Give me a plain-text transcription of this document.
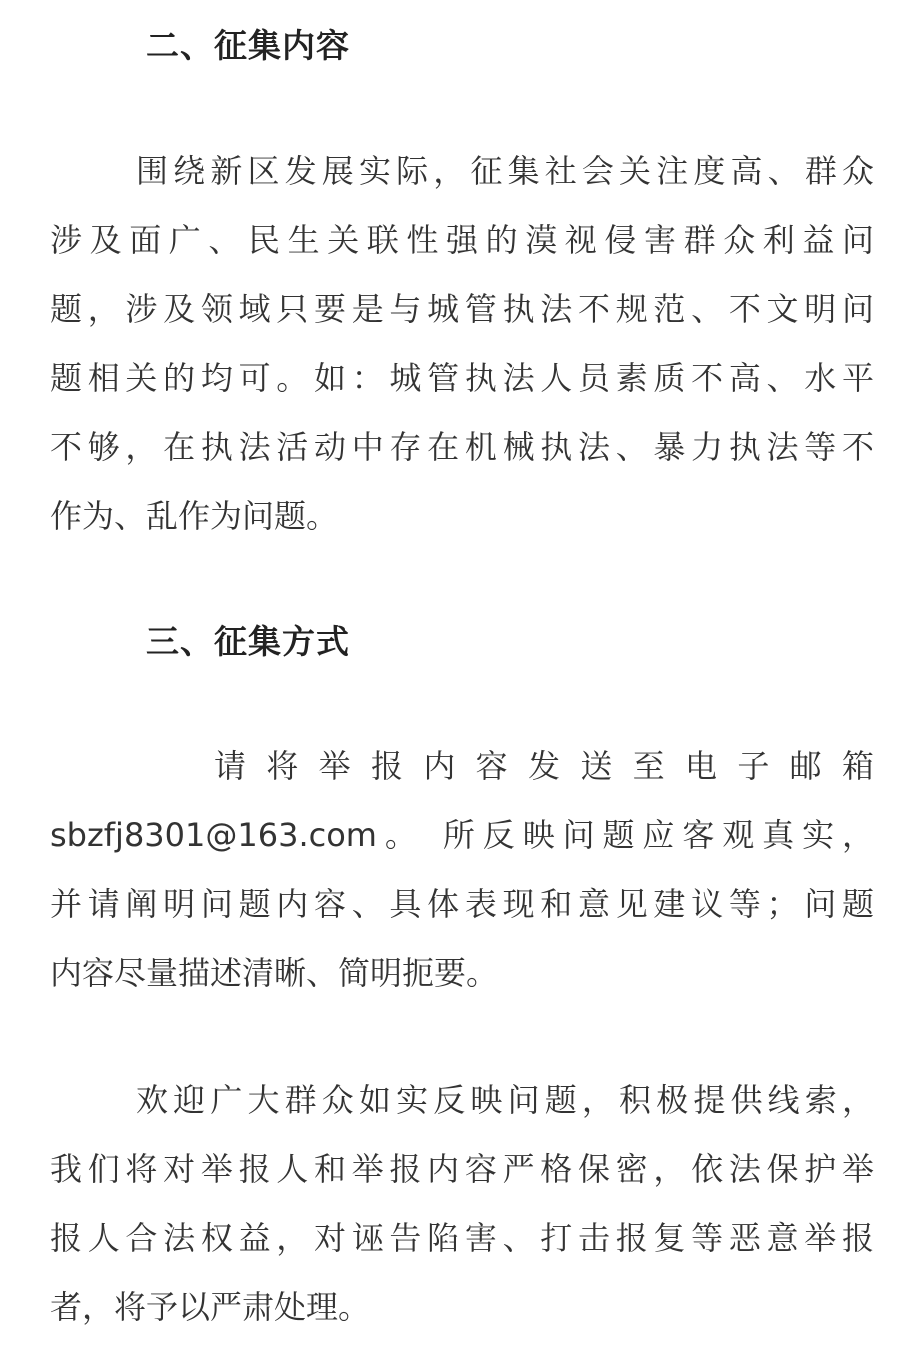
二、征集内容
围绕新区发展实际，征集社会关注度高、群众
涉及面广、民生关联性强的漠视侵害群众利益问
题，涉及领域只要是与城管执法不规范、不文明问
题相关的均可。如：城管执法人员素质不高、水平
不够，在执法活动中存在机械执法、暴力执法等不
作为、乱作为问题。
三、征集方式
请将举报内容发送至电子邮箱
sbzfj8301@163.com。 所反映问题应客观真实，
并请阐明问题内容、具体表现和意见建议等；问题
内容尽量描述清晰、简明扼要。
欢迎广大群众如实反映问题，积极提供线索，
我们将对举报人和举报内容严格保密，依法保护举
报人合法权益，对诬告陷害、打击报复等恶意举报
者，将予以严肃处理。
